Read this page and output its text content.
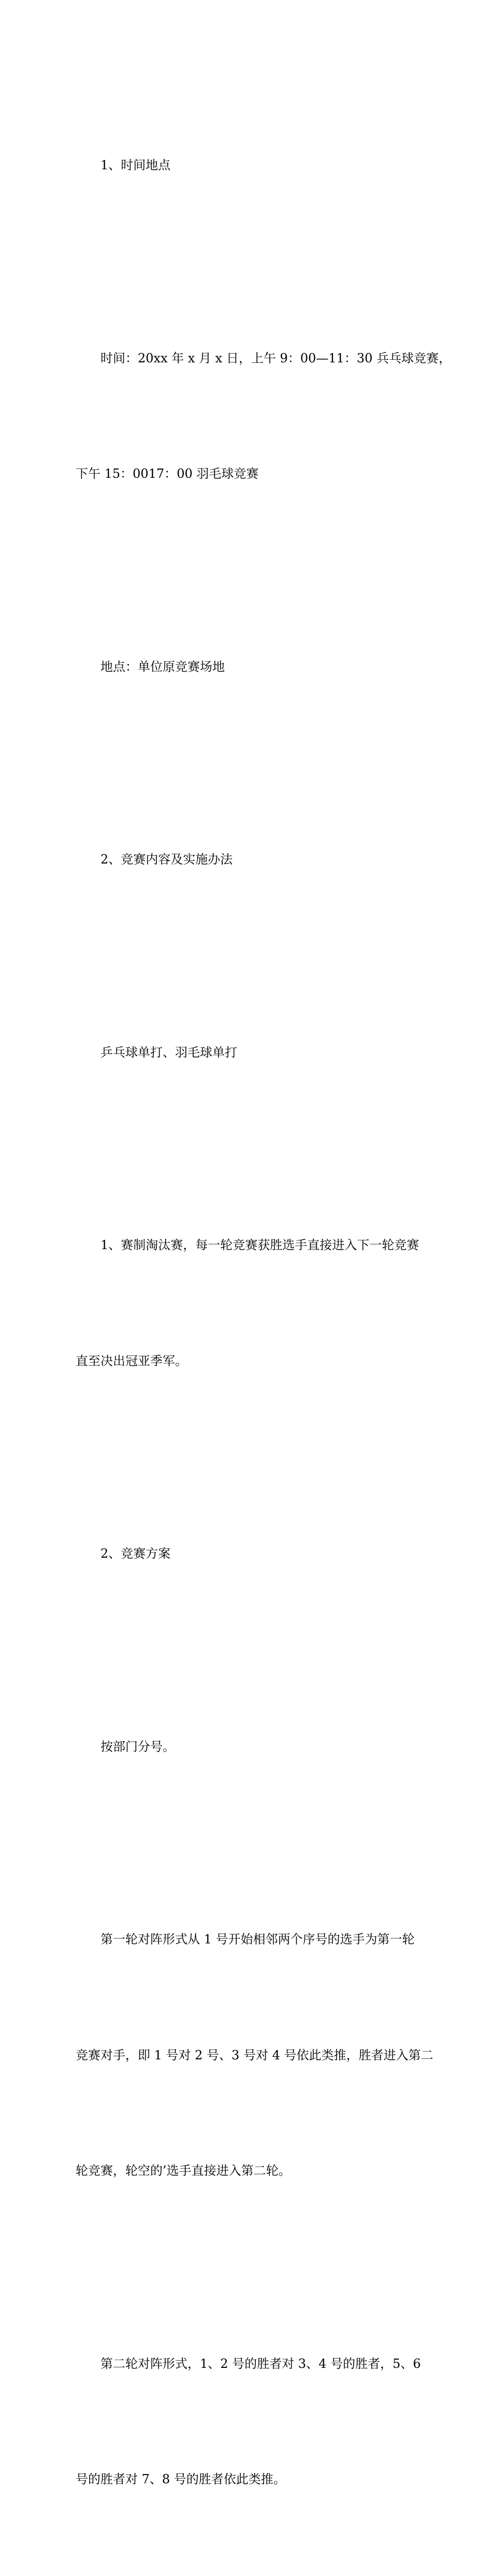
1、时间地点

时间：20xx 年 x 月 x 日，上午 9：00—11：30 兵乓球竞赛，

下午 15：0017：00 羽毛球竞赛

地点：单位原竞赛场地

2、竞赛内容及实施办法

乒乓球单打、羽毛球单打

1、赛制淘汰赛，每一轮竞赛获胜选手直接进入下一轮竞赛

直至决出冠亚季军。

2、竞赛方案

按部门分号。

第一轮对阵形式从 1 号开始相邻两个序号的选手为第一轮

竞赛对手，即 1 号对 2 号、3 号对 4 号依此类推，胜者进入第二

轮竞赛，轮空的’选手直接进入第二轮。

第二轮对阵形式，1、2 号的胜者对 3、4 号的胜者，5、6

号的胜者对 7、8 号的胜者依此类推。
